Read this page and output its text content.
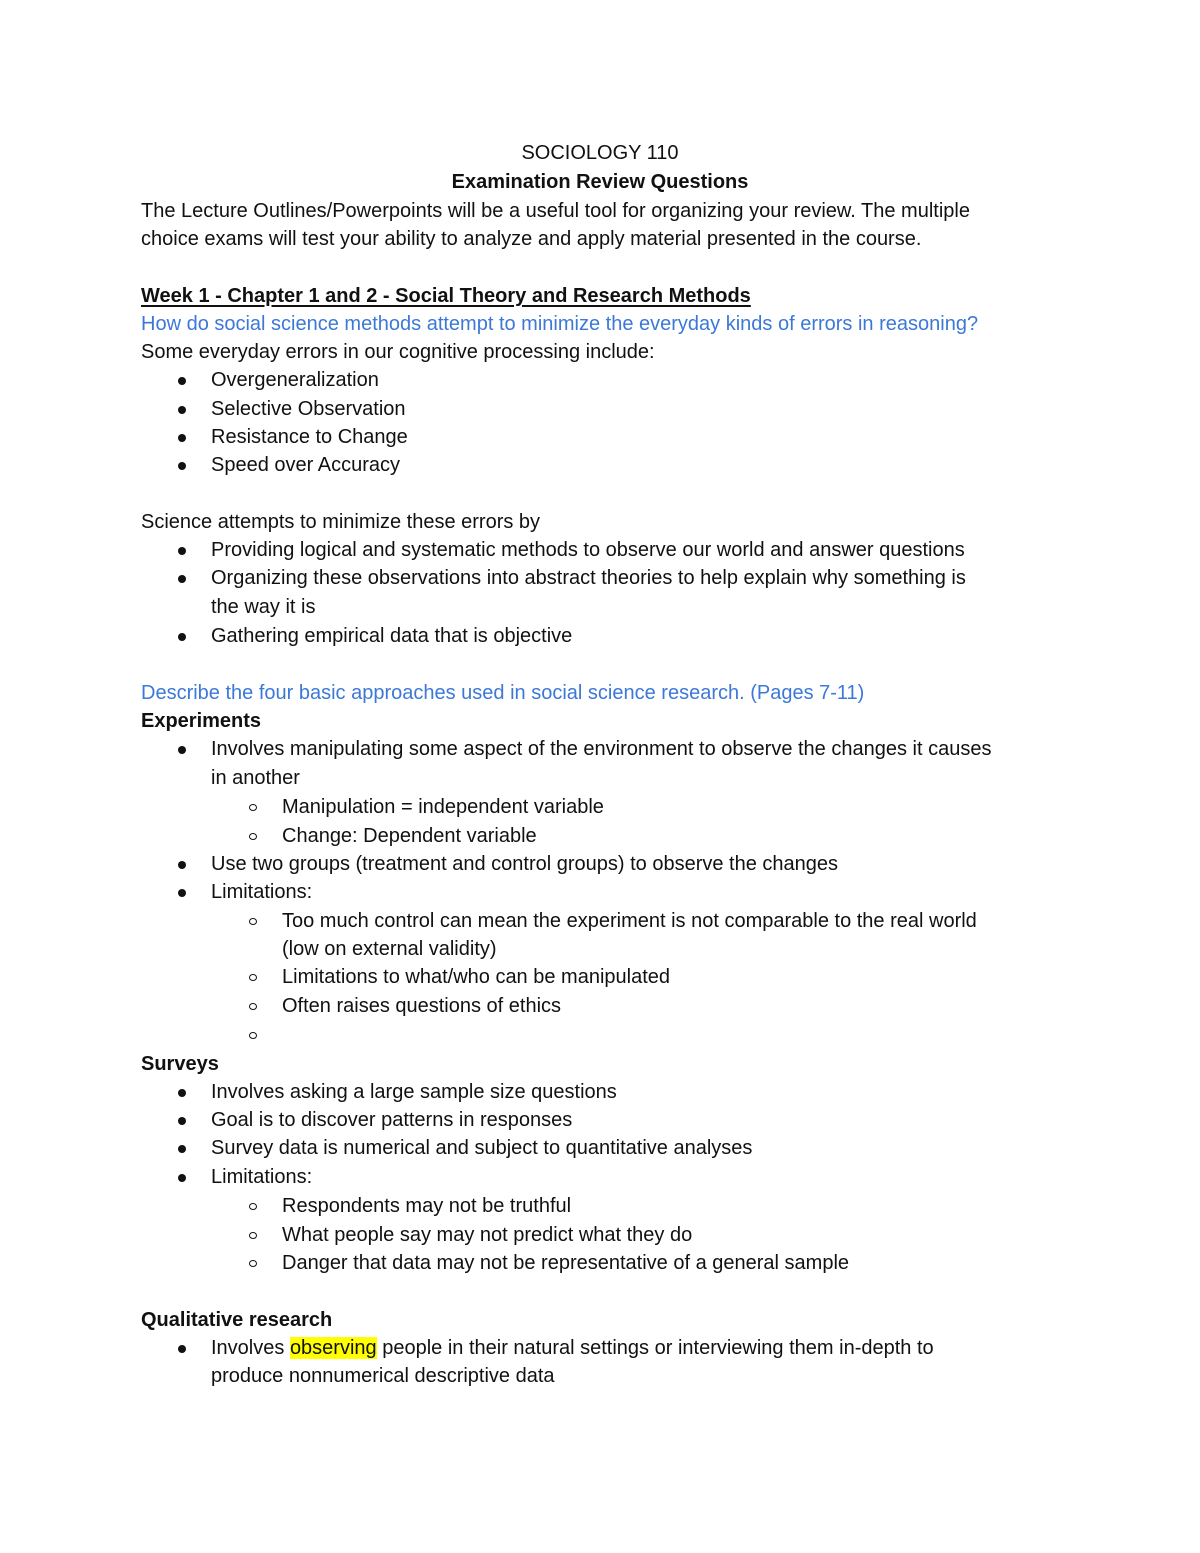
SOCIOLOGY 110
Examination Review Questions
The Lecture Outlines/Powerpoints will be a useful tool for organizing your review. The multiple
choice exams will test your ability to analyze and apply material presented in the course.
Week 1 - Chapter 1 and 2 - Social Theory and Research Methods
How do social science methods attempt to minimize the everyday kinds of errors in reasoning?
Some everyday errors in our cognitive processing include:
Overgeneralization
Selective Observation
Resistance to Change
Speed over Accuracy
Science attempts to minimize these errors by
Providing logical and systematic methods to observe our world and answer questions
Organizing these observations into abstract theories to help explain why something is
the way it is
Gathering empirical data that is objective
Describe the four basic approaches used in social science research. (Pages 7-11)
Experiments
Involves manipulating some aspect of the environment to observe the changes it causes
in another
Manipulation = independent variable
Change: Dependent variable
Use two groups (treatment and control groups) to observe the changes
Limitations:
Too much control can mean the experiment is not comparable to the real world
(low on external validity)
Limitations to what/who can be manipulated
Often raises questions of ethics
Surveys
Involves asking a large sample size questions
Goal is to discover patterns in responses
Survey data is numerical and subject to quantitative analyses
Limitations:
Respondents may not be truthful
What people say may not predict what they do
Danger that data may not be representative of a general sample
Qualitative research
Involves observing people in their natural settings or interviewing them in-depth to
produce nonnumerical descriptive data
